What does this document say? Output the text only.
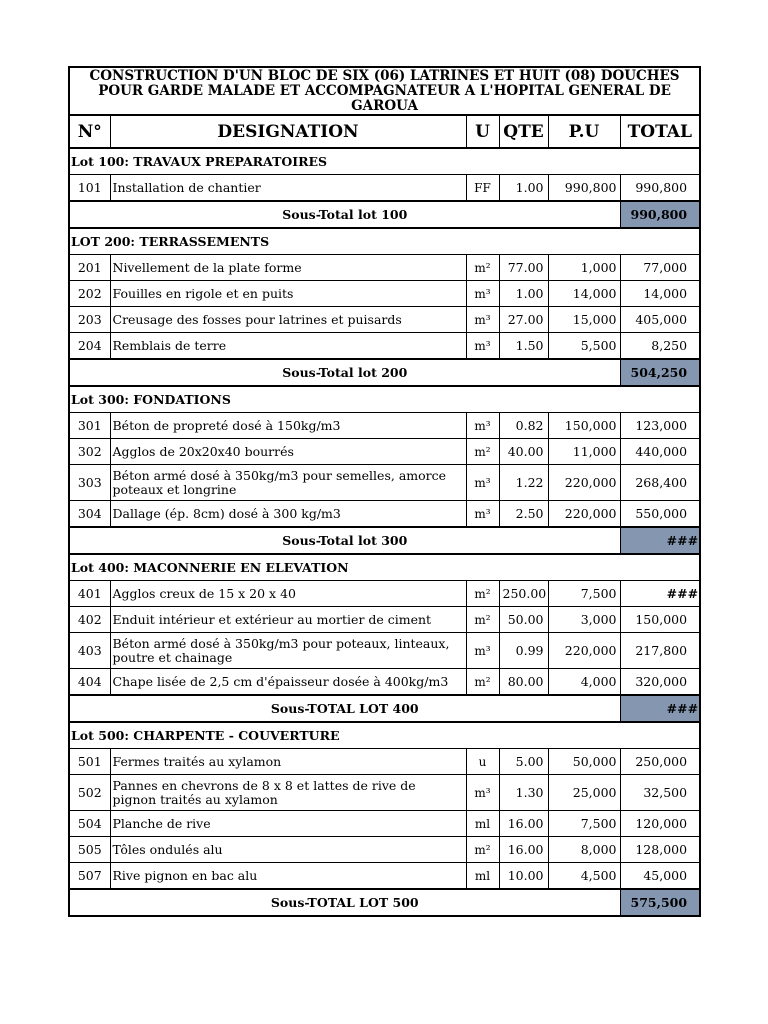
CONSTRUCTION D'UN BLOC DE SIX (06) LATRINES ET HUIT (08) DOUCHES POUR GARDE MALADE ET ACCOMPAGNATEUR A L'HOPITAL GENERAL DE GAROUA					
N°	DESIGNATION	U	QTE	P.U	TOTAL
Lot 100: TRAVAUX PREPARATOIRES					
101	Installation de chantier	FF	1.00	990,800	990,800
Sous-Total lot 100					990,800
LOT 200: TERRASSEMENTS					
201	Nivellement de la plate forme	m²	77.00	1,000	77,000
202	Fouilles en rigole et en puits	m³	1.00	14,000	14,000
203	Creusage des fosses pour latrines et puisards	m³	27.00	15,000	405,000
204	Remblais de terre	m³	1.50	5,500	8,250
Sous-Total lot 200					504,250
Lot 300: FONDATIONS					
301	Béton de propreté dosé à 150kg/m3	m³	0.82	150,000	123,000
302	Agglos de 20x20x40 bourrés	m²	40.00	11,000	440,000
303	Béton armé dosé à 350kg/m3 pour semelles, amorce poteaux et longrine	m³	1.22	220,000	268,400
304	Dallage (ép. 8cm) dosé à 300 kg/m3	m³	2.50	220,000	550,000
Sous-Total lot 300					###
Lot 400: MACONNERIE EN ELEVATION					
401	Agglos creux de 15 x 20 x 40	m²	250.00	7,500	###
402	Enduit intérieur et extérieur au mortier de ciment	m²	50.00	3,000	150,000
403	Béton armé dosé à 350kg/m3 pour poteaux, linteaux, poutre et chainage	m³	0.99	220,000	217,800
404	Chape lisée de 2,5 cm d'épaisseur dosée à 400kg/m3	m²	80.00	4,000	320,000
Sous-TOTAL LOT 400					###
Lot 500: CHARPENTE - COUVERTURE					
501	Fermes traités au xylamon	u	5.00	50,000	250,000
502	Pannes en chevrons de 8 x 8 et lattes de rive de pignon traités au xylamon	m³	1.30	25,000	32,500
504	Planche de rive	ml	16.00	7,500	120,000
505	Tôles ondulés alu	m²	16.00	8,000	128,000
507	Rive pignon en bac alu	ml	10.00	4,500	45,000
Sous-TOTAL LOT 500					575,500
